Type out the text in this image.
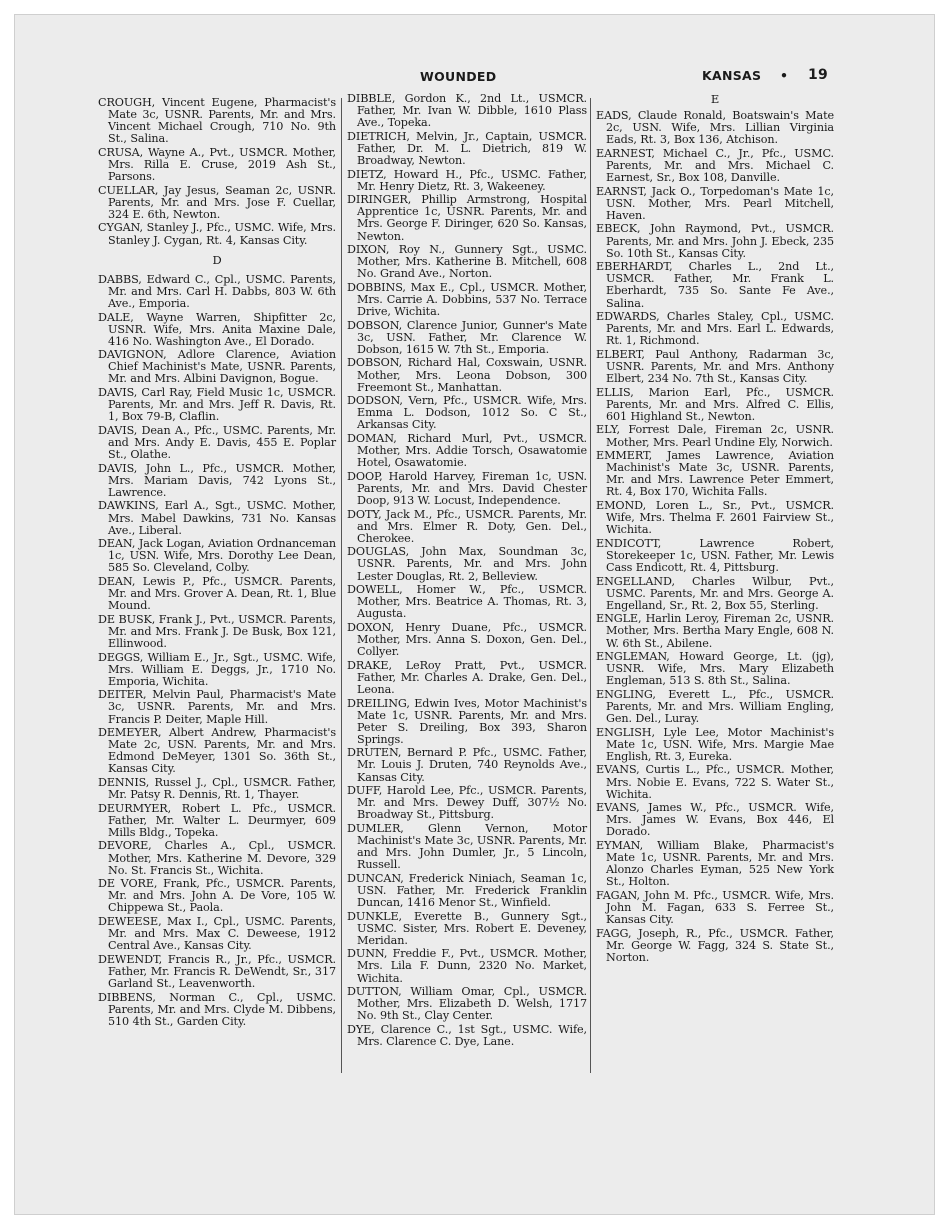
WOUNDED	KANSAS • 19
CROUGH, Vincent Eugene, Pharmacist's Mate 3c, USNR. Parents, Mr. and Mrs. Vincent Michael Crough, 710 No. 9th St., Salina.
CRUSA, Wayne A., Pvt., USMCR. Mother, Mrs. Rilla E. Cruse, 2019 Ash St., Parsons.
CUELLAR, Jay Jesus, Seaman 2c, USNR. Parents, Mr. and Mrs. Jose F. Cuellar, 324 E. 6th, Newton.
CYGAN, Stanley J., Pfc., USMC. Wife, Mrs. Stanley J. Cygan, Rt. 4, Kansas City.
D
DABBS, Edward C., Cpl., USMC. Parents, Mr. and Mrs. Carl H. Dabbs, 803 W. 6th Ave., Emporia.
DALE, Wayne Warren, Shipfitter 2c, USNR. Wife, Mrs. Anita Maxine Dale, 416 No. Washington Ave., El Dorado.
DAVIGNON, Adlore Clarence, Aviation Chief Machinist's Mate, USNR. Parents, Mr. and Mrs. Albini Davignon, Bogue.
DAVIS, Carl Ray, Field Music 1c, USMCR. Parents, Mr. and Mrs. Jeff R. Davis, Rt. 1, Box 79-B, Claflin.
DAVIS, Dean A., Pfc., USMC. Parents, Mr. and Mrs. Andy E. Davis, 455 E. Poplar St., Olathe.
DAVIS, John L., Pfc., USMCR. Mother, Mrs. Mariam Davis, 742 Lyons St., Lawrence.
DAWKINS, Earl A., Sgt., USMC. Mother, Mrs. Mabel Dawkins, 731 No. Kansas Ave., Liberal.
DEAN, Jack Logan, Aviation Ordnanceman 1c, USN. Wife, Mrs. Dorothy Lee Dean, 585 So. Cleveland, Colby.
DEAN, Lewis P., Pfc., USMCR. Parents, Mr. and Mrs. Grover A. Dean, Rt. 1, Blue Mound.
DE BUSK, Frank J., Pvt., USMCR. Parents, Mr. and Mrs. Frank J. De Busk, Box 121, Ellinwood.
DEGGS, William E., Jr., Sgt., USMC. Wife, Mrs. William E. Deggs, Jr., 1710 No. Emporia, Wichita.
DEITER, Melvin Paul, Pharmacist's Mate 3c, USNR. Parents, Mr. and Mrs. Francis P. Deiter, Maple Hill.
DEMEYER, Albert Andrew, Pharmacist's Mate 2c, USN. Parents, Mr. and Mrs. Edmond DeMeyer, 1301 So. 36th St., Kansas City.
DENNIS, Russel J., Cpl., USMCR. Father, Mr. Patsy R. Dennis, Rt. 1, Thayer.
DEURMYER, Robert L. Pfc., USMCR. Father, Mr. Walter L. Deurmyer, 609 Mills Bldg., Topeka.
DEVORE, Charles A., Cpl., USMCR. Mother, Mrs. Katherine M. Devore, 329 No. St. Francis St., Wichita.
DE VORE, Frank, Pfc., USMCR. Parents, Mr. and Mrs. John A. De Vore, 105 W. Chippewa St., Paola.
DEWEESE, Max I., Cpl., USMC. Parents, Mr. and Mrs. Max C. Deweese, 1912 Central Ave., Kansas City.
DEWENDT, Francis R., Jr., Pfc., USMCR. Father, Mr. Francis R. DeWendt, Sr., 317 Garland St., Leavenworth.
DIBBENS, Norman C., Cpl., USMC. Parents, Mr. and Mrs. Clyde M. Dibbens, 510 4th St., Garden City.
DIBBLE, Gordon K., 2nd Lt., USMCR. Father, Mr. Ivan W. Dibble, 1610 Plass Ave., Topeka.
DIETRICH, Melvin, Jr., Captain, USMCR. Father, Dr. M. L. Dietrich, 819 W. Broadway, Newton.
DIETZ, Howard H., Pfc., USMC. Father, Mr. Henry Dietz, Rt. 3, Wakeeney.
DIRINGER, Phillip Armstrong, Hospital Apprentice 1c, USNR. Parents, Mr. and Mrs. George F. Diringer, 620 So. Kansas, Newton.
DIXON, Roy N., Gunnery Sgt., USMC. Mother, Mrs. Katherine B. Mitchell, 608 No. Grand Ave., Norton.
DOBBINS, Max E., Cpl., USMCR. Mother, Mrs. Carrie A. Dobbins, 537 No. Terrace Drive, Wichita.
DOBSON, Clarence Junior, Gunner's Mate 3c, USN. Father, Mr. Clarence W. Dobson, 1615 W. 7th St., Emporia.
DOBSON, Richard Hal, Coxswain, USNR. Mother, Mrs. Leona Dobson, 300 Freemont St., Manhattan.
DODSON, Vern, Pfc., USMCR. Wife, Mrs. Emma L. Dodson, 1012 So. C St., Arkansas City.
DOMAN, Richard Murl, Pvt., USMCR. Mother, Mrs. Addie Torsch, Osawatomie Hotel, Osawatomie.
DOOP, Harold Harvey, Fireman 1c, USN. Parents, Mr. and Mrs. David Chester Doop, 913 W. Locust, Independence.
DOTY, Jack M., Pfc., USMCR. Parents, Mr. and Mrs. Elmer R. Doty, Gen. Del., Cherokee.
DOUGLAS, John Max, Soundman 3c, USNR. Parents, Mr. and Mrs. John Lester Douglas, Rt. 2, Belleview.
DOWELL, Homer W., Pfc., USMCR. Mother, Mrs. Beatrice A. Thomas, Rt. 3, Augusta.
DOXON, Henry Duane, Pfc., USMCR. Mother, Mrs. Anna S. Doxon, Gen. Del., Collyer.
DRAKE, LeRoy Pratt, Pvt., USMCR. Father, Mr. Charles A. Drake, Gen. Del., Leona.
DREILING, Edwin Ives, Motor Machinist's Mate 1c, USNR. Parents, Mr. and Mrs. Peter S. Dreiling, Box 393, Sharon Springs.
DRUTEN, Bernard P. Pfc., USMC. Father, Mr. Louis J. Druten, 740 Reynolds Ave., Kansas City.
DUFF, Harold Lee, Pfc., USMCR. Parents, Mr. and Mrs. Dewey Duff, 307½ No. Broadway St., Pittsburg.
DUMLER, Glenn Vernon, Motor Machinist's Mate 3c, USNR. Parents, Mr. and Mrs. John Dumler, Jr., 5 Lincoln, Russell.
DUNCAN, Frederick Niniach, Seaman 1c, USN. Father, Mr. Frederick Franklin Duncan, 1416 Menor St., Winfield.
DUNKLE, Everette B., Gunnery Sgt., USMC. Sister, Mrs. Robert E. Deveney, Meridan.
DUNN, Freddie F., Pvt., USMCR. Mother, Mrs. Lila F. Dunn, 2320 No. Market, Wichita.
DUTTON, William Omar, Cpl., USMCR. Mother, Mrs. Elizabeth D. Welsh, 1717 No. 9th St., Clay Center.
DYE, Clarence C., 1st Sgt., USMC. Wife, Mrs. Clarence C. Dye, Lane.
E
EADS, Claude Ronald, Boatswain's Mate 2c, USN. Wife, Mrs. Lillian Virginia Eads, Rt. 3, Box 136, Atchison.
EARNEST, Michael C., Jr., Pfc., USMC. Parents, Mr. and Mrs. Michael C. Earnest, Sr., Box 108, Danville.
EARNST, Jack O., Torpedoman's Mate 1c, USN. Mother, Mrs. Pearl Mitchell, Haven.
EBECK, John Raymond, Pvt., USMCR. Parents, Mr. and Mrs. John J. Ebeck, 235 So. 10th St., Kansas City.
EBERHARDT, Charles L., 2nd Lt., USMCR. Father, Mr. Frank L. Eberhardt, 735 So. Sante Fe Ave., Salina.
EDWARDS, Charles Staley, Cpl., USMC. Parents, Mr. and Mrs. Earl L. Edwards, Rt. 1, Richmond.
ELBERT, Paul Anthony, Radarman 3c, USNR. Parents, Mr. and Mrs. Anthony Elbert, 234 No. 7th St., Kansas City.
ELLIS, Marion Earl, Pfc., USMCR. Parents, Mr. and Mrs. Alfred C. Ellis, 601 Highland St., Newton.
ELY, Forrest Dale, Fireman 2c, USNR. Mother, Mrs. Pearl Undine Ely, Norwich.
EMMERT, James Lawrence, Aviation Machinist's Mate 3c, USNR. Parents, Mr. and Mrs. Lawrence Peter Emmert, Rt. 4, Box 170, Wichita Falls.
EMOND, Loren L., Sr., Pvt., USMCR. Wife, Mrs. Thelma F. 2601 Fairview St., Wichita.
ENDICOTT, Lawrence Robert, Storekeeper 1c, USN. Father, Mr. Lewis Cass Endicott, Rt. 4, Pittsburg.
ENGELLAND, Charles Wilbur, Pvt., USMC. Parents, Mr. and Mrs. George A. Engelland, Sr., Rt. 2, Box 55, Sterling.
ENGLE, Harlin Leroy, Fireman 2c, USNR. Mother, Mrs. Bertha Mary Engle, 608 N. W. 6th St., Abilene.
ENGLEMAN, Howard George, Lt. (jg), USNR. Wife, Mrs. Mary Elizabeth Engleman, 513 S. 8th St., Salina.
ENGLING, Everett L., Pfc., USMCR. Parents, Mr. and Mrs. William Engling, Gen. Del., Luray.
ENGLISH, Lyle Lee, Motor Machinist's Mate 1c, USN. Wife, Mrs. Margie Mae English, Rt. 3, Eureka.
EVANS, Curtis L., Pfc., USMCR. Mother, Mrs. Nobie E. Evans, 722 S. Water St., Wichita.
EVANS, James W., Pfc., USMCR. Wife, Mrs. James W. Evans, Box 446, El Dorado.
EYMAN, William Blake, Pharmacist's Mate 1c, USNR. Parents, Mr. and Mrs. Alonzo Charles Eyman, 525 New York St., Holton.
FAGAN, John M. Pfc., USMCR. Wife, Mrs. John M. Fagan, 633 S. Ferree St., Kansas City.
FAGG, Joseph, R., Pfc., USMCR. Father, Mr. George W. Fagg, 324 S. State St., Norton.
